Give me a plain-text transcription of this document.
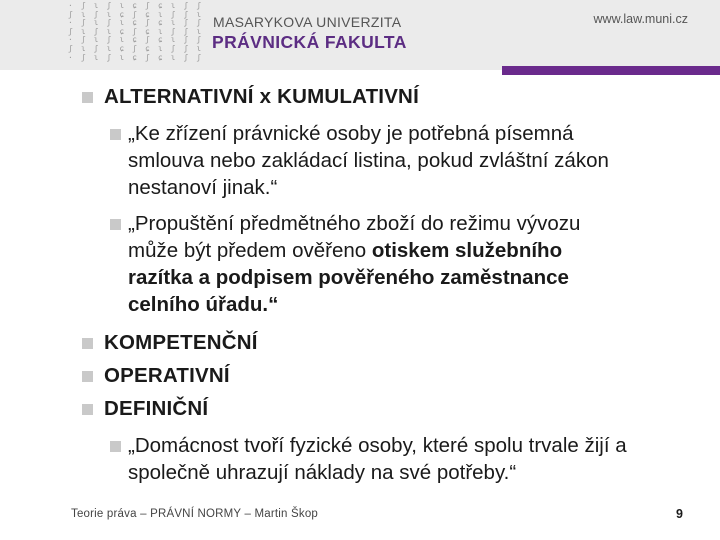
· ʃ ɩ ʃ ɩ ɕ ʃ ɕ ɩ ʃ ʃ
ʃ ɩ ʃ ɩ ɕ ʃ ɕ ɩ ʃ ʃ ɩ
· ʃ ɩ ʃ ɩ ɕ ʃ ɕ ɩ ʃ ʃ
ʃ ɩ ʃ ɩ ɕ ʃ ɕ ɩ ʃ ʃ ɩ
· ʃ ɩ ʃ ɩ ɕ ʃ ɕ ɩ ʃ ʃ
ʃ ɩ ʃ ɩ ɕ ʃ ɕ ɩ ʃ ʃ ɩ
· ʃ ɩ ʃ ɩ ɕ ʃ ɕ ɩ ʃ ʃ
MASARYKOVA UNIVERZITA
PRÁVNICKÁ FAKULTA
www.law.muni.cz
ALTERNATIVNÍ x KUMULATIVNÍ
„Ke zřízení právnické osoby je potřebná písemná
smlouva nebo zakládací listina, pokud zvláštní zákon
nestanoví jinak.“
„Propuštění předmětného zboží do režimu vývozu
může být předem ověřeno otiskem služebního
razítka a podpisem pověřeného zaměstnance
celního úřadu.“
KOMPETENČNÍ
OPERATIVNÍ
DEFINIČNÍ
„Domácnost tvoří fyzické osoby, které spolu trvale žijí a
společně uhrazují náklady na své potřeby.“
Teorie práva – PRÁVNÍ NORMY – Martin Škop	9
